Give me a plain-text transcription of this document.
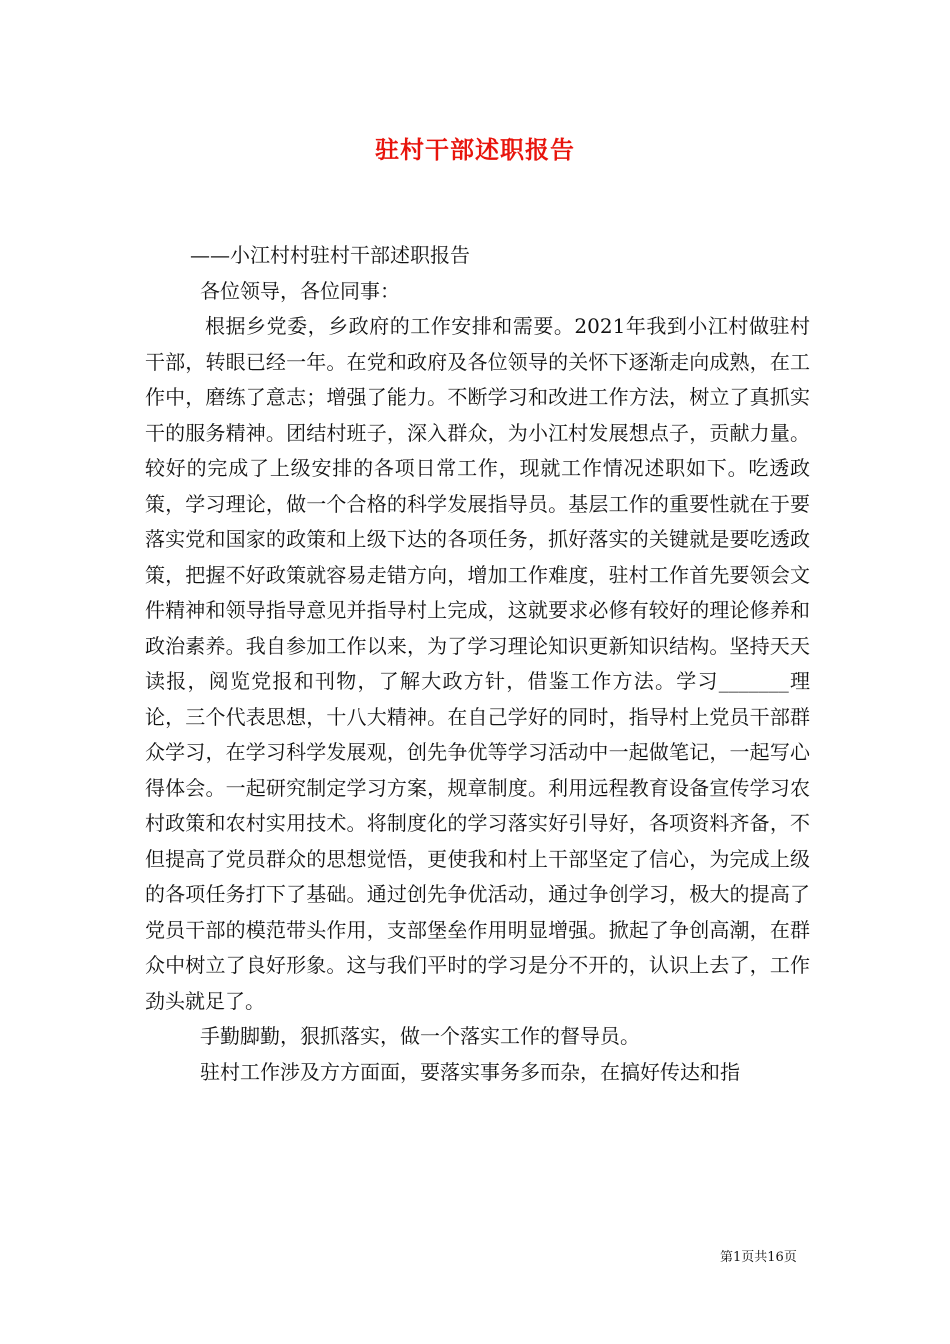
驻村干部述职报告

——小江村村驻村干部述职报告

各位领导，各位同事：

根据乡党委，乡政府的工作安排和需要。2021年我到小江村做驻村干部，转眼已经一年。在党和政府及各位领导的关怀下逐渐走向成熟，在工作中，磨练了意志；增强了能力。不断学习和改进工作方法，树立了真抓实干的服务精神。团结村班子，深入群众，为小江村发展想点子，贡献力量。较好的完成了上级安排的各项日常工作，现就工作情况述职如下。吃透政策，学习理论，做一个合格的科学发展指导员。基层工作的重要性就在于要落实党和国家的政策和上级下达的各项任务，抓好落实的关键就是要吃透政策，把握不好政策就容易走错方向，增加工作难度，驻村工作首先要领会文件精神和领导指导意见并指导村上完成，这就要求必修有较好的理论修养和政治素养。我自参加工作以来，为了学习理论知识更新知识结构。坚持天天读报，阅览党报和刊物，了解大政方针，借鉴工作方法。学习_______理论，三个代表思想，十八大精神。在自己学好的同时，指导村上党员干部群众学习，在学习科学发展观，创先争优等学习活动中一起做笔记，一起写心得体会。一起研究制定学习方案，规章制度。利用远程教育设备宣传学习农村政策和农村实用技术。将制度化的学习落实好引导好，各项资料齐备，不但提高了党员群众的思想觉悟，更使我和村上干部坚定了信心，为完成上级的各项任务打下了基础。通过创先争优活动，通过争创学习，极大的提高了党员干部的模范带头作用，支部堡垒作用明显增强。掀起了争创高潮，在群众中树立了良好形象。这与我们平时的学习是分不开的，认识上去了，工作劲头就足了。

手勤脚勤，狠抓落实，做一个落实工作的督导员。

驻村工作涉及方方面面，要落实事务多而杂，在搞好传达和指

第1页共16页
